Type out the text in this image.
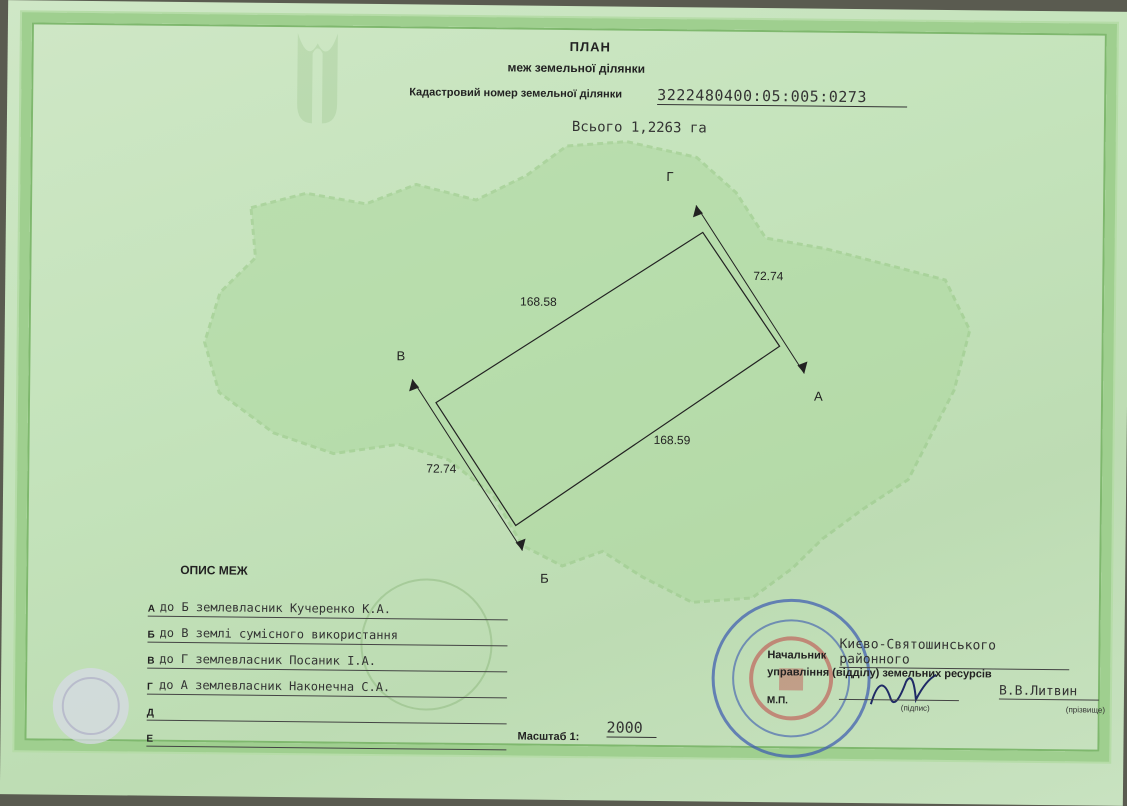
ПЛАН
меж земельної ділянки
Кадастровий номер земельної ділянки 3222480400:05:005:0273
Всього 1,2263 га
А
Б
В
Г
72.74
168.58
72.74
168.59
ОПИС МЕЖ
А до Б землевласник Кучеренко К.А.
Б до В землі сумісного використання
В до Г землевласник Посаник І.А.
Г до А землевласник Наконечна С.А.
Д
Е	Масштаб 1:
2000
Начальник
Києво-Святошинського районного
управління (відділу) земельних ресурсів
М.П.
(підпис)
В.В.Литвин
(прізвище)
